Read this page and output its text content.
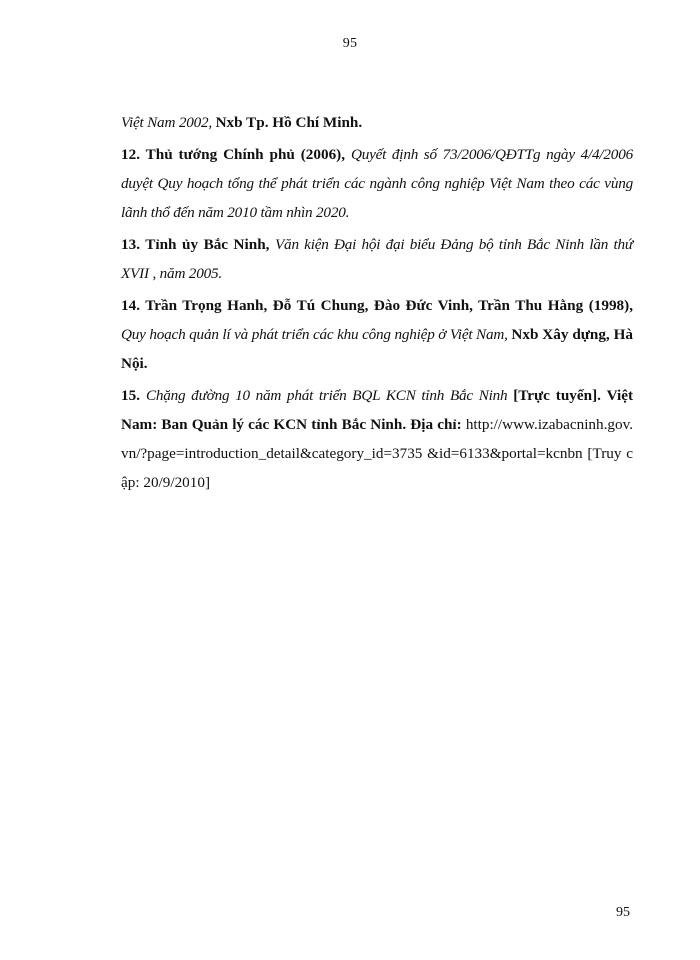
95

Việt Nam 2002, Nxb Tp. Hồ Chí Minh.

12. Thủ tướng Chính phủ (2006), Quyết định số 73/2006/QĐTTg ngày 4/4/2006 duyệt Quy hoạch tổng thể phát triển các ngành công nghiệp Việt Nam theo các vùng lãnh thổ đến năm 2010 tầm nhìn 2020.

13. Tỉnh ủy Bắc Ninh, Văn kiện Đại hội đại biểu Đảng bộ tỉnh Bắc Ninh lần thứ XVII , năm 2005.

14. Trần Trọng Hanh, Đỗ Tú Chung, Đào Đức Vinh, Trần Thu Hằng (1998), Quy hoạch quản lí và phát triển các khu công nghiệp ở Việt Nam, Nxb Xây dựng, Hà Nội.

15. Chặng đường 10 năm phát triển BQL KCN tỉnh Bắc Ninh [Trực tuyến]. Việt Nam: Ban Quản lý các KCN tỉnh Bắc Ninh. Địa chỉ: http://www.izabacninh.gov.vn/?page=introduction_detail&category_id=3735 &id=6133&portal=kcnbn [Truy cập: 20/9/2010]

95
